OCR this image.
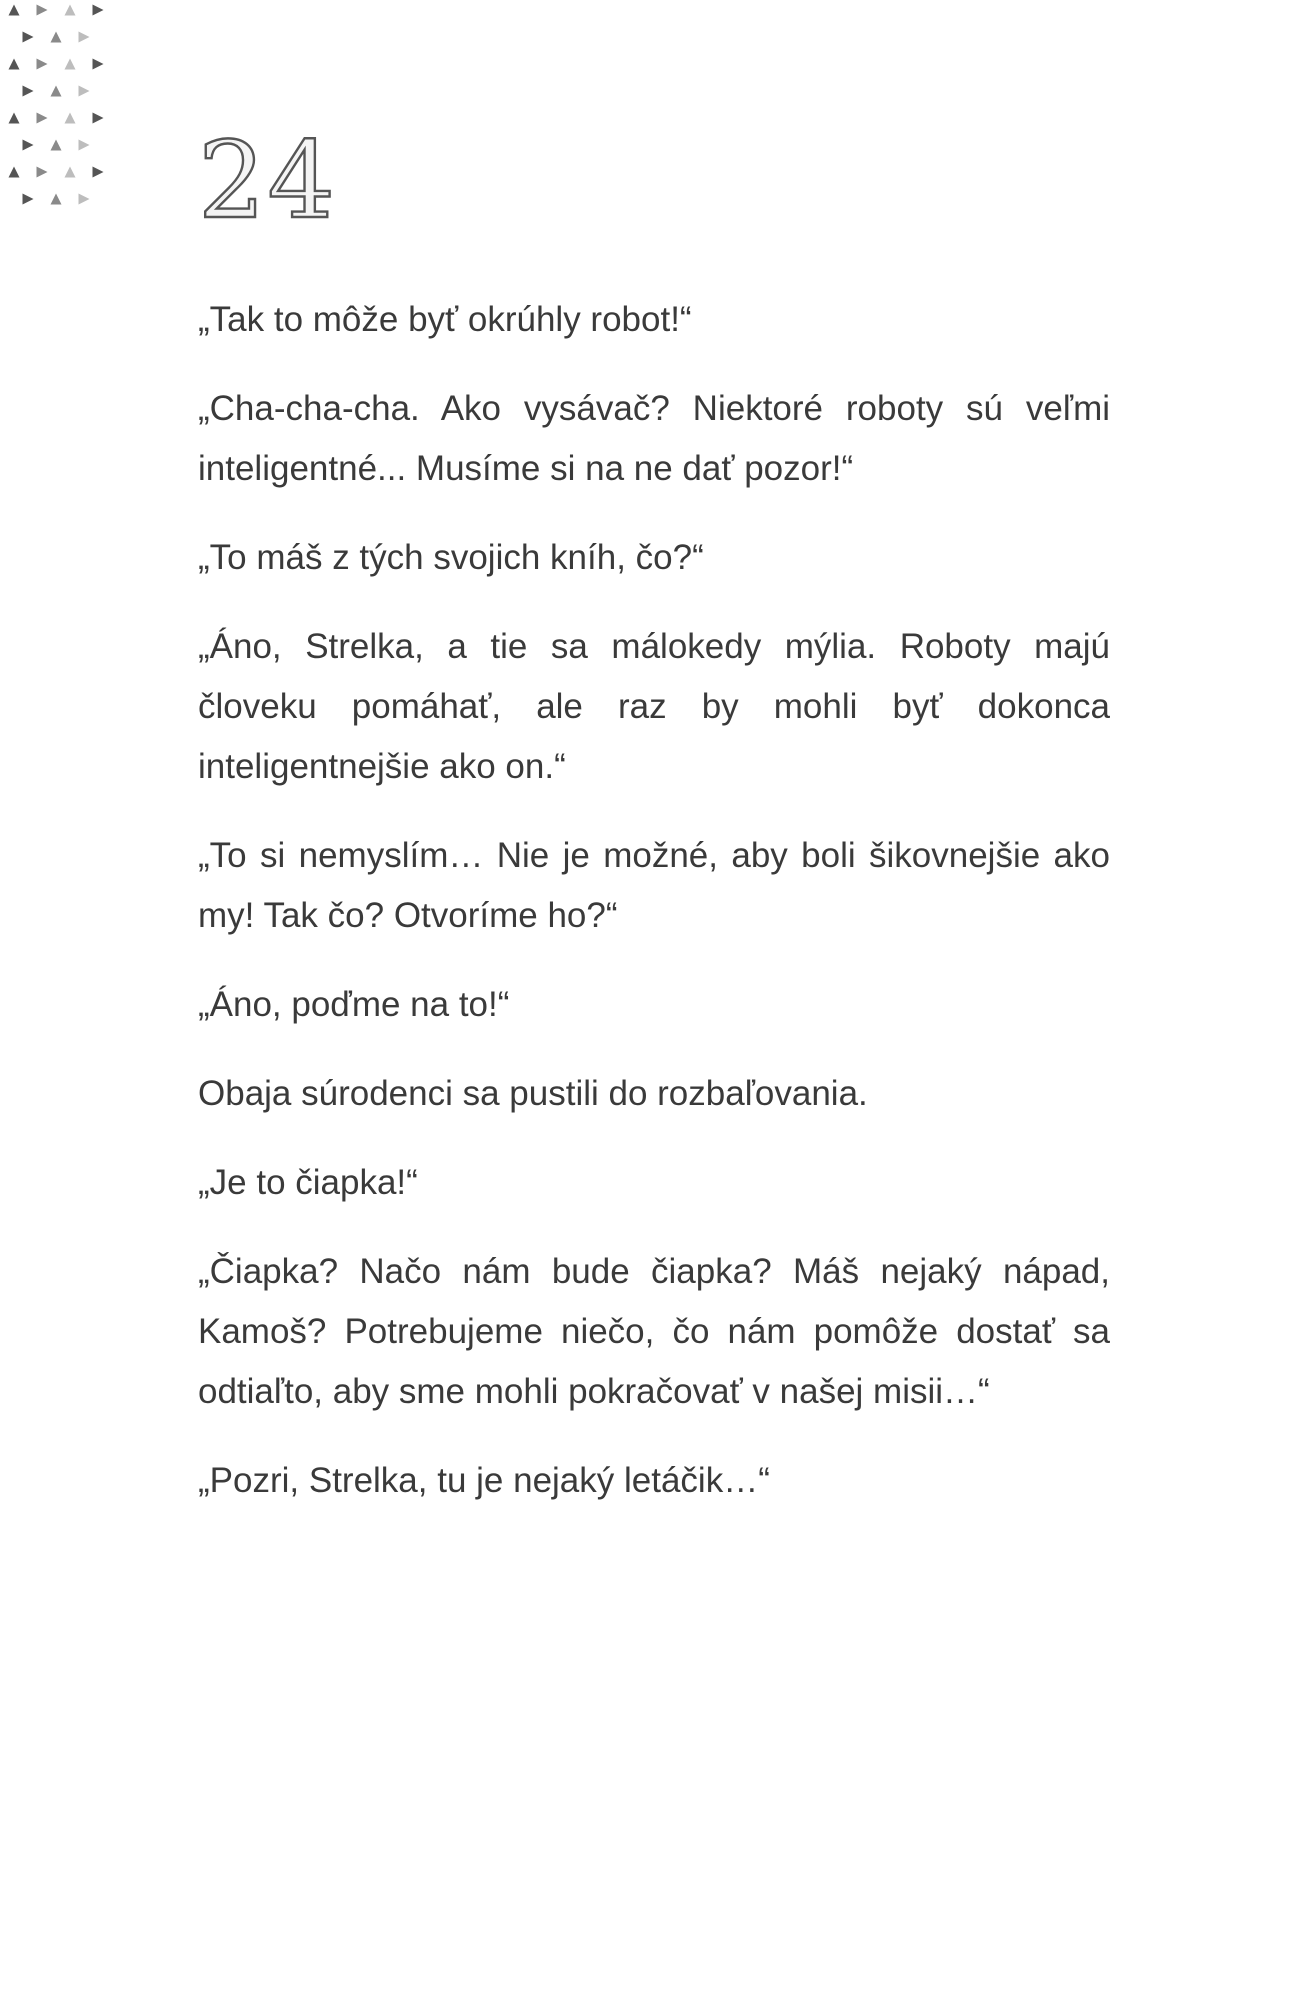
24

„Tak to môže byť okrúhly robot!“

„Cha-cha-cha. Ako vysávač? Niektoré roboty sú veľmi inteligentné... Musíme si na ne dať pozor!“

„To máš z tých svojich kníh, čo?“

„Áno, Strelka, a tie sa málokedy mýlia. Roboty majú človeku pomáhať, ale raz by mohli byť dokonca inteligentnejšie ako on.“

„To si nemyslím… Nie je možné, aby boli šikovnejšie ako my! Tak čo? Otvoríme ho?“

„Áno, poďme na to!“

Obaja súrodenci sa pustili do rozbaľovania.

„Je to čiapka!“

„Čiapka? Načo nám bude čiapka? Máš nejaký nápad, Kamoš? Potrebujeme niečo, čo nám pomôže dostať sa odtiaľto, aby sme mohli pokračovať v našej misii…“

„Pozri, Strelka, tu je nejaký letáčik…“
